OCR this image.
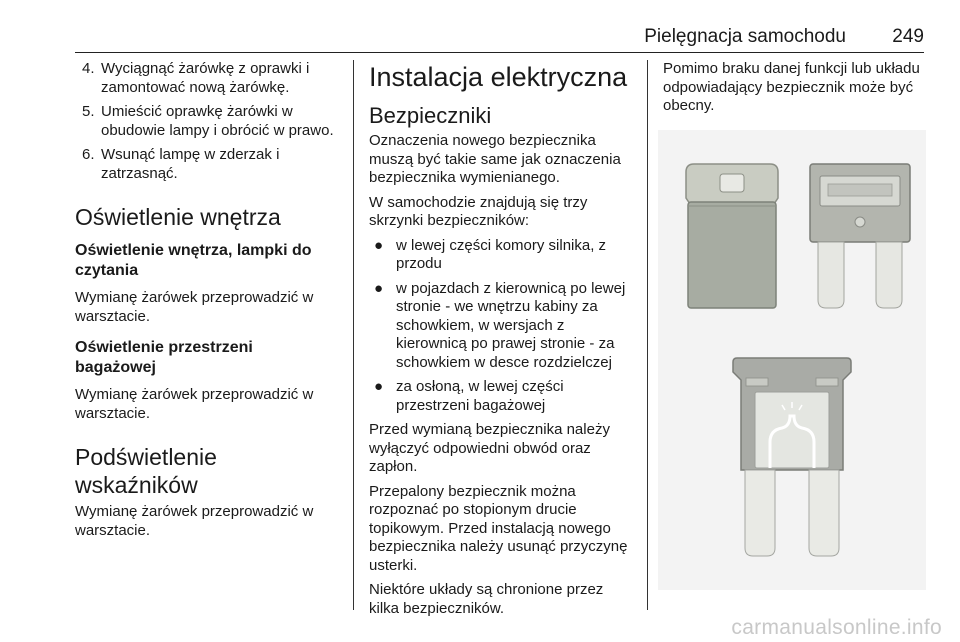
Pielęgnacja samochodu 249
4. Wyciągnąć żarówkę z oprawki i zamontować nową żarówkę.
5. Umieścić oprawkę żarówki w obudowie lampy i obrócić w prawo.
6. Wsunąć lampę w zderzak i zatrzasnąć.
Oświetlenie wnętrza
Oświetlenie wnętrza, lampki do czytania

Wymianę żarówek przeprowadzić w warsztacie.

Oświetlenie przestrzeni bagażowej

Wymianę żarówek przeprowadzić w warsztacie.

Podświetlenie wskaźników

Wymianę żarówek przeprowadzić w warsztacie.

Instalacja elektryczna
Bezpieczniki

Oznaczenia nowego bezpiecznika muszą być takie same jak oznaczenia bezpiecznika wymienianego.

W samochodzie znajdują się trzy skrzynki bezpieczników:

● w lewej części komory silnika, z przodu
● w pojazdach z kierownicą po lewej stronie - we wnętrzu kabiny za schowkiem, w wersjach z kierownicą po prawej stronie - za schowkiem w desce rozdzielczej
● za osłoną, w lewej części przestrzeni bagażowej

Przed wymianą bezpiecznika należy wyłączyć odpowiedni obwód oraz zapłon.

Przepalony bezpiecznik można rozpoznać po stopionym drucie topikowym. Przed instalacją nowego bezpiecznika należy usunąć przyczynę usterki.

Niektóre układy są chronione przez kilka bezpieczników.

Pomimo braku danej funkcji lub układu odpowiadający bezpiecznik może być obecny.

carmanualsonline.info
